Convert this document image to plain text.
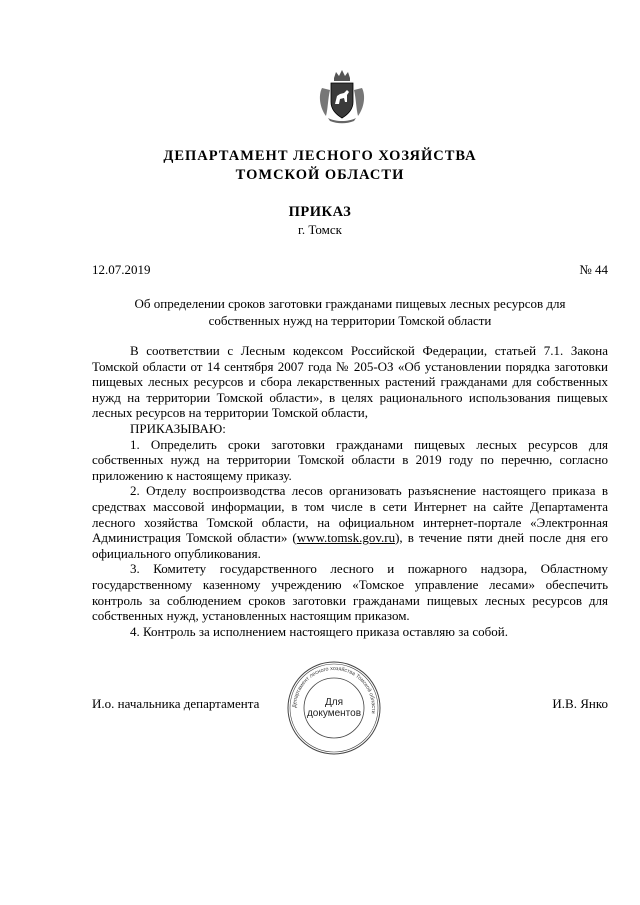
ДЕПАРТАМЕНТ ЛЕСНОГО ХОЗЯЙСТВА
ТОМСКОЙ ОБЛАСТИ
ПРИКАЗ
г. Томск
12.07.2019	№ 44
Об определении сроков заготовки гражданами пищевых лесных ресурсов для
собственных нужд на территории Томской области

В соответствии с Лесным кодексом Российской Федерации, статьей 7.1. Закона Томской области от 14 сентября 2007 года № 205-ОЗ «Об установлении порядка заготовки пищевых лесных ресурсов и сбора лекарственных растений гражданами для собственных нужд на территории Томской области», в целях рационального использования пищевых лесных ресурсов на территории Томской области,

ПРИКАЗЫВАЮ:

1. Определить сроки заготовки гражданами пищевых лесных ресурсов для собственных нужд на территории Томской области в 2019 году по перечню, согласно приложению к настоящему приказу.

2. Отделу воспроизводства лесов организовать разъяснение настоящего приказа в средствах массовой информации, в том числе в сети Интернет на сайте Департамента лесного хозяйства Томской области, на официальном интернет-портале «Электронная Администрация Томской области» (www.tomsk.gov.ru), в течение пяти дней после дня его официального опубликования.

3. Комитету государственного лесного и пожарного надзора, Областному государственному казенному учреждению «Томское управление лесами» обеспечить контроль за соблюдением сроков заготовки гражданами пищевых лесных ресурсов для собственных нужд, установленных настоящим приказом.

4. Контроль за исполнением настоящего приказа оставляю за собой.

И.о. начальника департамента	Департамент лесного хозяйства Томской области
Для
документов
И.В. Янко
